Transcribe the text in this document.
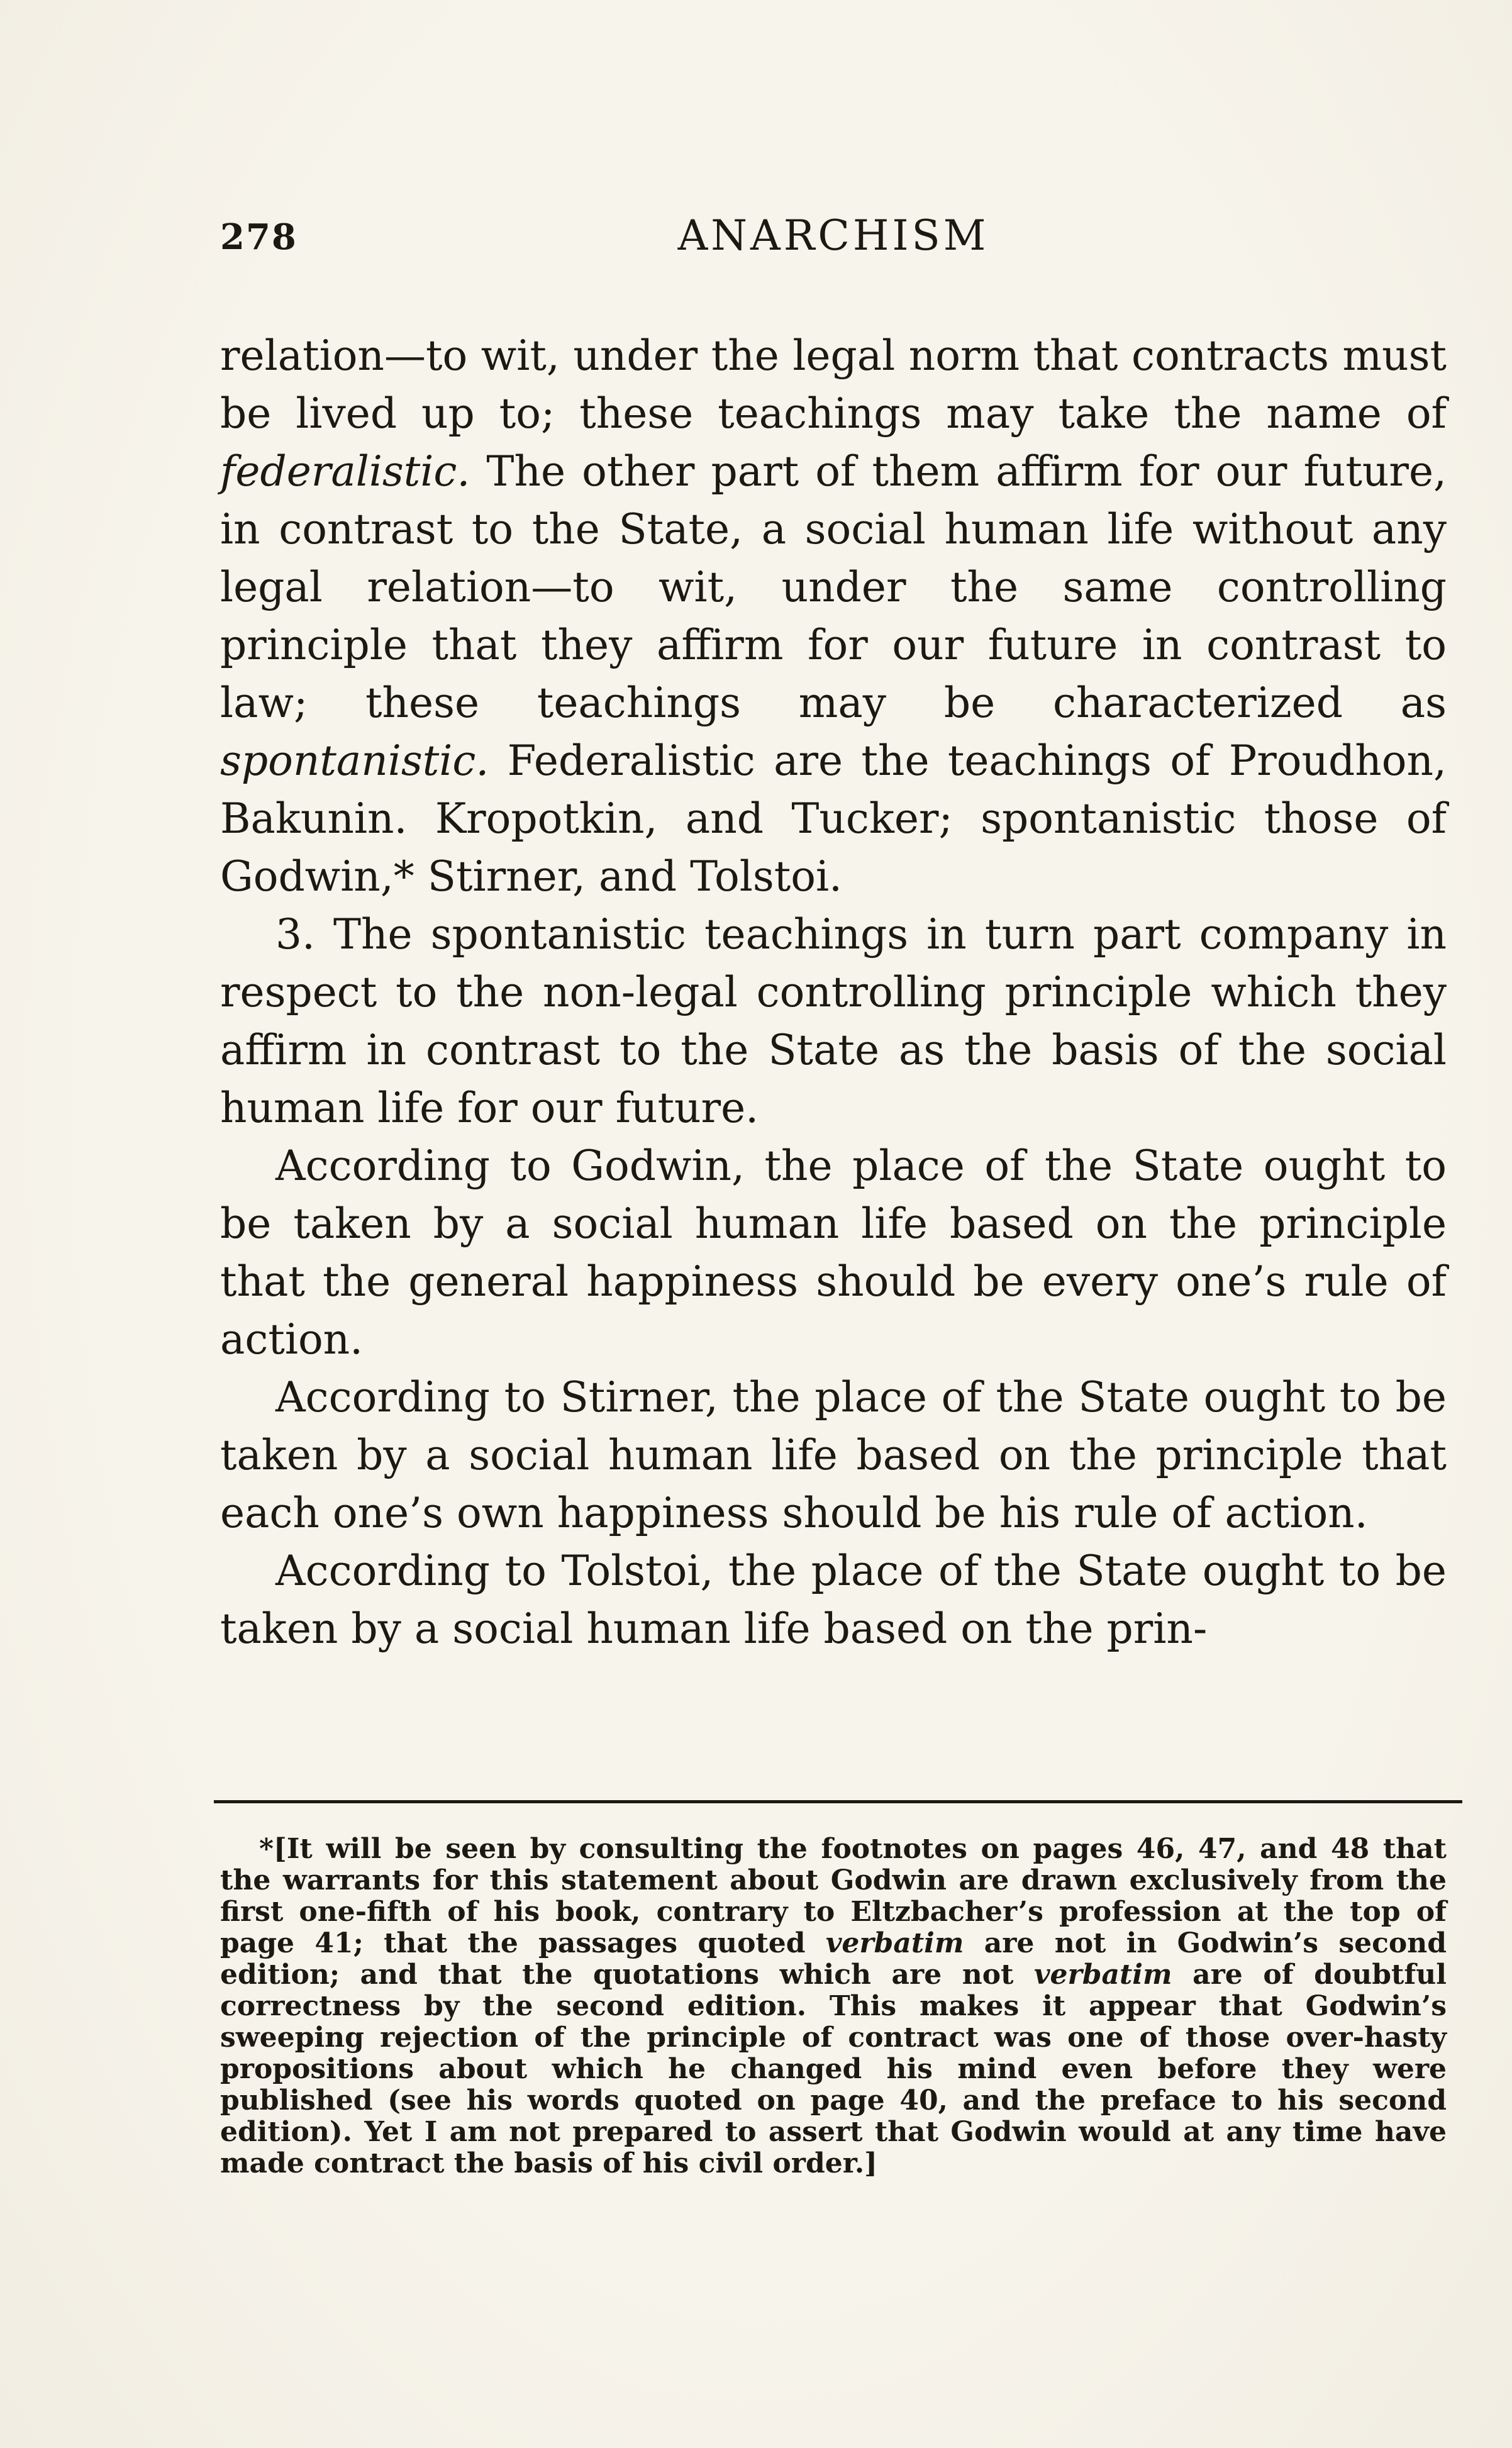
278	ANARCHISM

relation—to wit, under the legal norm that contracts must be lived up to; these teachings may take the name of federalistic. The other part of them affirm for our future, in contrast to the State, a social human life without any legal relation—to wit, under the same controlling principle that they affirm for our future in contrast to law; these teachings may be characterized as spontanistic. Federalistic are the teachings of Proudhon, Bakunin. Kropotkin, and Tucker; spontanistic those of Godwin,* Stirner, and Tolstoi.

3. The spontanistic teachings in turn part company in respect to the non-legal controlling principle which they affirm in contrast to the State as the basis of the social human life for our future.

According to Godwin, the place of the State ought to be taken by a social human life based on the principle that the general happiness should be every one’s rule of action.

According to Stirner, the place of the State ought to be taken by a social human life based on the principle that each one’s own happiness should be his rule of action.

According to Tolstoi, the place of the State ought to be taken by a social human life based on the prin-

*[It will be seen by consulting the footnotes on pages 46, 47, and 48 that the warrants for this statement about Godwin are drawn exclusively from the first one-fifth of his book, contrary to Eltzbacher’s profession at the top of page 41; that the passages quoted verbatim are not in Godwin’s second edition; and that the quotations which are not verbatim are of doubtful correctness by the second edition. This makes it appear that Godwin’s sweeping rejection of the principle of contract was one of those over-hasty propositions about which he changed his mind even before they were published (see his words quoted on page 40, and the preface to his second edition). Yet I am not prepared to assert that Godwin would at any time have made contract the basis of his civil order.]
